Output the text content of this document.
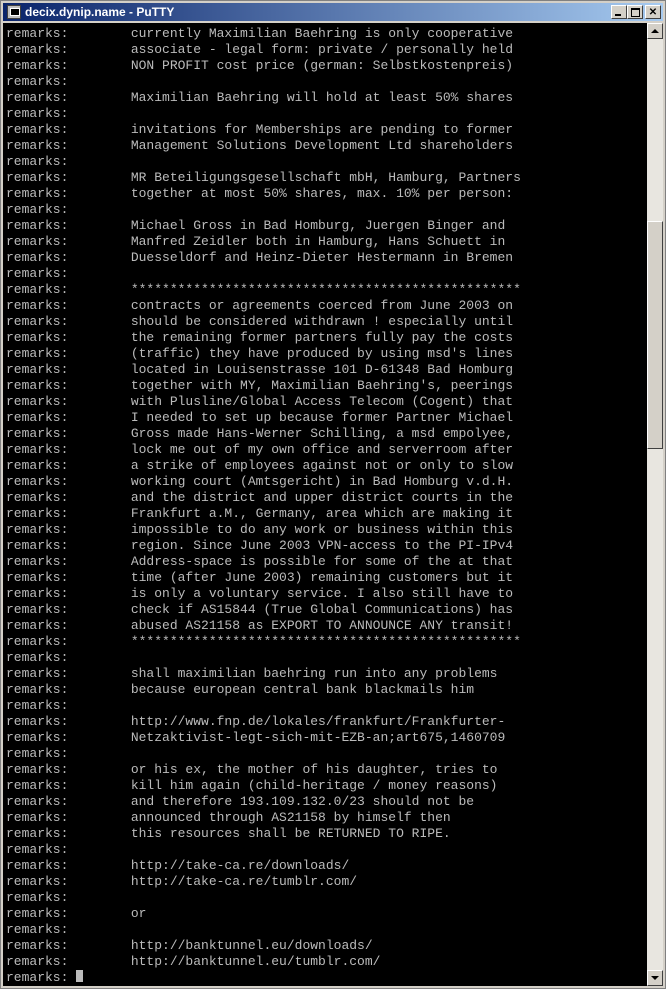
decix.dynip.name - PuTTY
✕
remarks:        currently Maximilian Baehring is only cooperative
remarks:        associate - legal form: private / personally held
remarks:        NON PROFIT cost price (german: Selbstkostenpreis)
remarks:
remarks:        Maximilian Baehring will hold at least 50% shares
remarks:
remarks:        invitations for Memberships are pending to former
remarks:        Management Solutions Development Ltd shareholders
remarks:
remarks:        MR Beteiligungsgesellschaft mbH, Hamburg, Partners
remarks:        together at most 50% shares, max. 10% per person:
remarks:
remarks:        Michael Gross in Bad Homburg, Juergen Binger and
remarks:        Manfred Zeidler both in Hamburg, Hans Schuett in
remarks:        Duesseldorf and Heinz-Dieter Hestermann in Bremen
remarks:
remarks:        **************************************************
remarks:        contracts or agreements coerced from June 2003 on
remarks:        should be considered withdrawn ! especially until
remarks:        the remaining former partners fully pay the costs
remarks:        (traffic) they have produced by using msd's lines
remarks:        located in Louisenstrasse 101 D-61348 Bad Homburg
remarks:        together with MY, Maximilian Baehring's, peerings
remarks:        with Plusline/Global Access Telecom (Cogent) that
remarks:        I needed to set up because former Partner Michael
remarks:        Gross made Hans-Werner Schilling, a msd empolyee,
remarks:        lock me out of my own office and serverroom after
remarks:        a strike of employees against not or only to slow
remarks:        working court (Amtsgericht) in Bad Homburg v.d.H.
remarks:        and the district and upper district courts in the
remarks:        Frankfurt a.M., Germany, area which are making it
remarks:        impossible to do any work or business within this
remarks:        region. Since June 2003 VPN-access to the PI-IPv4
remarks:        Address-space is possible for some of the at that
remarks:        time (after June 2003) remaining customers but it
remarks:        is only a voluntary service. I also still have to
remarks:        check if AS15844 (True Global Communications) has
remarks:        abused AS21158 as EXPORT TO ANNOUNCE ANY transit!
remarks:        **************************************************
remarks:
remarks:        shall maximilian baehring run into any problems
remarks:        because european central bank blackmails him
remarks:
remarks:        http://www.fnp.de/lokales/frankfurt/Frankfurter-
remarks:        Netzaktivist-legt-sich-mit-EZB-an;art675,1460709
remarks:
remarks:        or his ex, the mother of his daughter, tries to
remarks:        kill him again (child-heritage / money reasons)
remarks:        and therefore 193.109.132.0/23 should not be
remarks:        announced through AS21158 by himself then
remarks:        this resources shall be RETURNED TO RIPE.
remarks:
remarks:        http://take-ca.re/downloads/
remarks:        http://take-ca.re/tumblr.com/
remarks:
remarks:        or
remarks:
remarks:        http://banktunnel.eu/downloads/
remarks:        http://banktunnel.eu/tumblr.com/
remarks:
